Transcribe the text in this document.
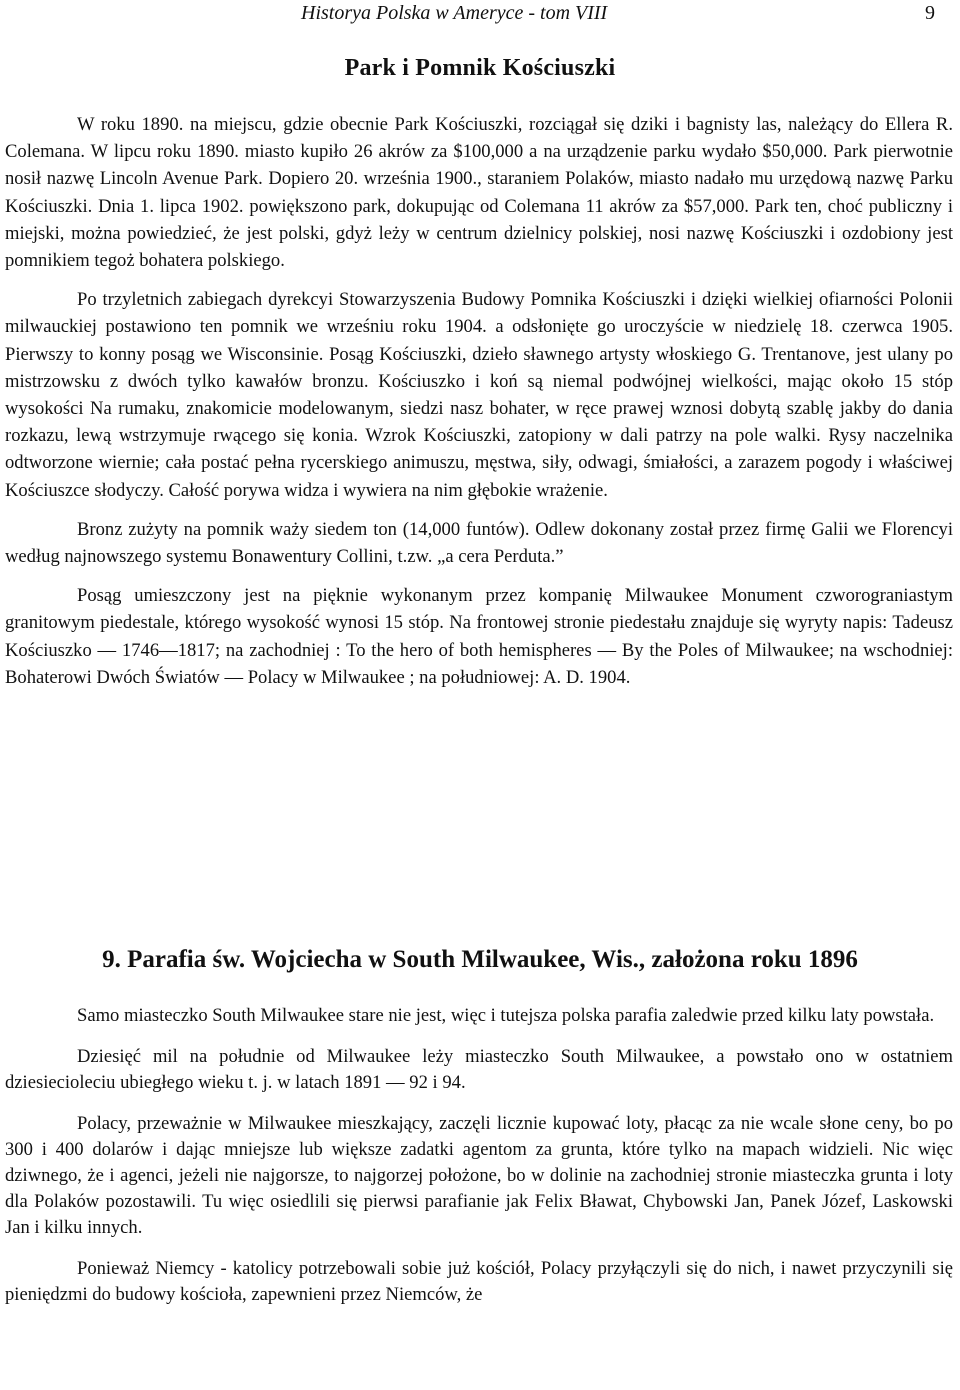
Historya Polska w Ameryce - tom VIII	9
Park i Pomnik Kościuszki

W roku 1890. na miejscu, gdzie obecnie Park Kościuszki, rozciągał się dziki i bagnisty las, należący do Ellera R. Colemana. W lipcu roku 1890. miasto kupiło 26 akrów za $100,000 a na urządzenie parku wydało $50,000. Park pierwotnie nosił nazwę Lincoln Avenue Park. Dopiero 20. września 1900., staraniem Polaków, miasto nadało mu urzędową nazwę Parku Kościuszki. Dnia 1. lipca 1902. powiększono park, dokupując od Colemana 11 akrów za $57,000. Park ten, choć publiczny i miejski, można powiedzieć, że jest polski, gdyż leży w centrum dzielnicy polskiej, nosi nazwę Kościuszki i ozdobiony jest pomnikiem tegoż bohatera polskiego.

Po trzyletnich zabiegach dyrekcyi Stowarzyszenia Budowy Pomnika Kościuszki i dzięki wielkiej ofiarności Polonii milwauckiej postawiono ten pomnik we wrześniu roku 1904. a odsłonięte go uroczyście w niedzielę 18. czerwca 1905. Pierwszy to konny posąg we Wisconsinie. Posąg Kościuszki, dzieło sławnego artysty włoskiego G. Trentanove, jest ulany po mistrzowsku z dwóch tylko kawałów bronzu. Kościuszko i koń są niemal podwójnej wielkości, mając około 15 stóp wysokości Na rumaku, znakomicie modelowanym, siedzi nasz bohater, w ręce prawej wznosi dobytą szablę jakby do dania rozkazu, lewą wstrzymuje rwącego się konia. Wzrok Kościuszki, zatopiony w dali patrzy na pole walki. Rysy naczelnika odtworzone wiernie; cała postać pełna rycerskiego animuszu, męstwa, siły, odwagi, śmiałości, a zarazem pogody i właściwej Kościuszce słodyczy. Całość porywa widza i wywiera na nim głębokie wrażenie.

Bronz zużyty na pomnik waży siedem ton (14,000 funtów). Odlew dokonany został przez firmę Galii we Florencyi według najnowszego systemu Bonawentury Collini, t.zw. „a cera Perduta.”

Posąg umieszczony jest na pięknie wykonanym przez kompanię Milwaukee Monument czworograniastym granitowym piedestale, którego wysokość wynosi 15 stóp. Na frontowej stronie piedestału znajduje się wyryty napis: Tadeusz Kościuszko — 1746—1817; na zachodniej : To the hero of both hemispheres — By the Poles of Milwaukee; na wschodniej: Bohaterowi Dwóch Światów — Polacy w Milwaukee ; na południowej: A. D. 1904.

9. Parafia św. Wojciecha w South Milwaukee, Wis., założona roku 1896

Samo miasteczko South Milwaukee stare nie jest, więc i tutejsza polska parafia zaledwie przed kilku laty powstała.

Dziesięć mil na południe od Milwaukee leży miasteczko South Milwaukee, a powstało ono w ostatniem dziesiecioleciu ubiegłego wieku t. j. w latach 1891 — 92 i 94.

Polacy, przeważnie w Milwaukee mieszkający, zaczęli licznie kupować loty, płacąc za nie wcale słone ceny, bo po 300 i 400 dolarów i dając mniejsze lub większe zadatki agentom za grunta, które tylko na mapach widzieli. Nic więc dziwnego, że i agenci, jeżeli nie najgorsze, to najgorzej położone, bo w dolinie na zachodniej stronie miasteczka grunta i loty dla Polaków pozostawili. Tu więc osiedlili się pierwsi parafianie jak Felix Bławat, Chybowski Jan, Panek Józef, Laskowski Jan i kilku innych.

Ponieważ Niemcy - katolicy potrzebowali sobie już kościół, Polacy przyłączyli się do nich, i nawet przyczynili się pieniędzmi do budowy kościoła, zapewnieni przez Niemców, że
